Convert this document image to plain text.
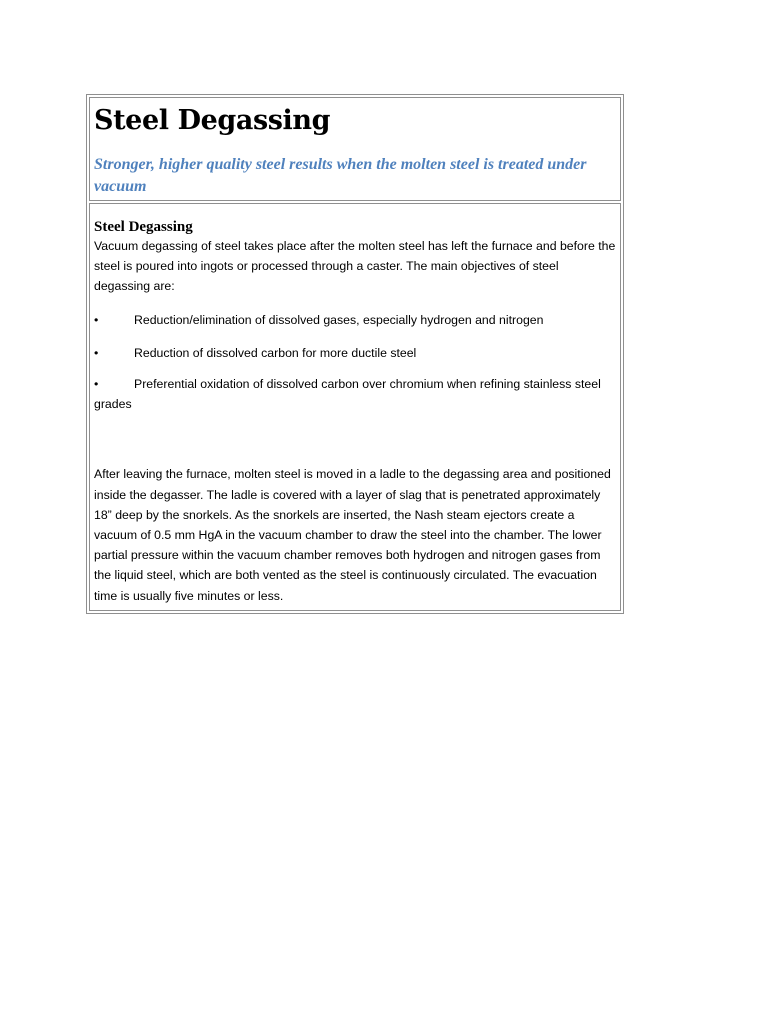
Steel Degassing
Stronger, higher quality steel results when the molten steel is treated under vacuum
Steel Degassing

Vacuum degassing of steel takes place after the molten steel has left the furnace and before the steel is poured into ingots or processed through a caster. The main objectives of steel degassing are:

•	Reduction/elimination of dissolved gases, especially hydrogen and nitrogen

•	Reduction of dissolved carbon for more ductile steel

•	Preferential oxidation of dissolved carbon over chromium when refining stainless steel grades

After leaving the furnace, molten steel is moved in a ladle to the degassing area and positioned inside the degasser. The ladle is covered with a layer of slag that is penetrated approximately 18” deep by the snorkels. As the snorkels are inserted, the Nash steam ejectors create a vacuum of 0.5 mm HgA in the vacuum chamber to draw the steel into the chamber. The lower partial pressure within the vacuum chamber removes both hydrogen and nitrogen gases from the liquid steel, which are both vented as the steel is continuously circulated. The evacuation time is usually five minutes or less.
